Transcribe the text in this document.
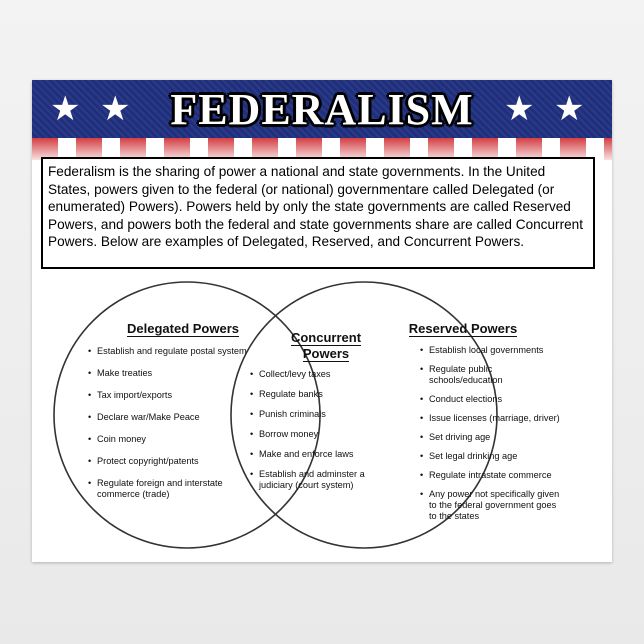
★ ★	★ ★
FEDERALISM
Federalism is the sharing of power a national and state governments. In the United States, powers given to the federal (or national) governmentare called Delegated (or enumerated) Powers). Powers held by only the state governments are called Reserved Powers, and powers both the federal and state governments share are called Concurrent Powers. Below are examples of Delegated, Reserved, and Concurrent Powers.
Delegated Powers
• Establish and regulate postal system
• Make treaties
• Tax import/exports
• Declare war/Make Peace
• Coin money
• Protect copyright/patents
• Regulate foreign and interstate commerce (trade)
Concurrent Powers
• Collect/levy taxes
• Regulate banks
• Punish criminals
• Borrow money
• Make and enforce laws
• Establish and adminster a judiciary (court system)
Reserved Powers
• Establish local governments
• Regulate public schools/education
• Conduct elections
• Issue licenses (marriage, driver)
• Set driving age
• Set legal drinking age
• Regulate intrastate commerce
• Any power not specifically given to the federal government goes to the states
